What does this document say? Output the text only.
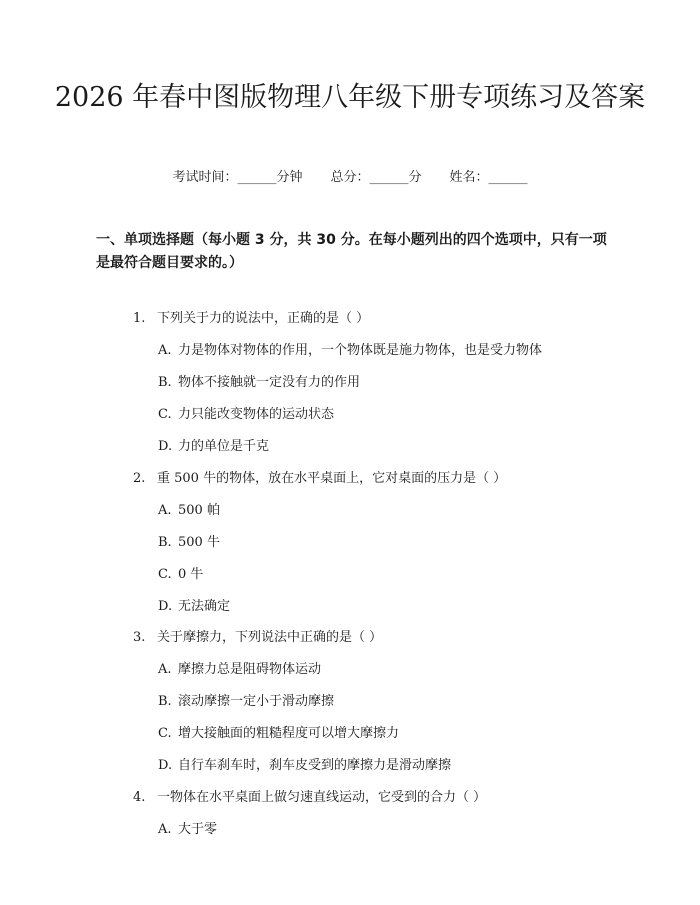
2026 年春中图版物理八年级下册专项练习及答案
考试时间：______分钟 总分：______分 姓名：______
一、单项选择题（每小题 3 分，共 30 分。在每小题列出的四个选项中，只有一项是最符合题目要求的。）
1. 下列关于力的说法中，正确的是（ ）
A. 力是物体对物体的作用，一个物体既是施力物体，也是受力物体
B. 物体不接触就一定没有力的作用
C. 力只能改变物体的运动状态
D. 力的单位是千克
2. 重 500 牛的物体，放在水平桌面上，它对桌面的压力是（ ）
A. 500 帕
B. 500 牛
C. 0 牛
D. 无法确定
3. 关于摩擦力，下列说法中正确的是（ ）
A. 摩擦力总是阻碍物体运动
B. 滚动摩擦一定小于滑动摩擦
C. 增大接触面的粗糙程度可以增大摩擦力
D. 自行车刹车时，刹车皮受到的摩擦力是滑动摩擦
4. 一物体在水平桌面上做匀速直线运动，它受到的合力（ ）
A. 大于零
